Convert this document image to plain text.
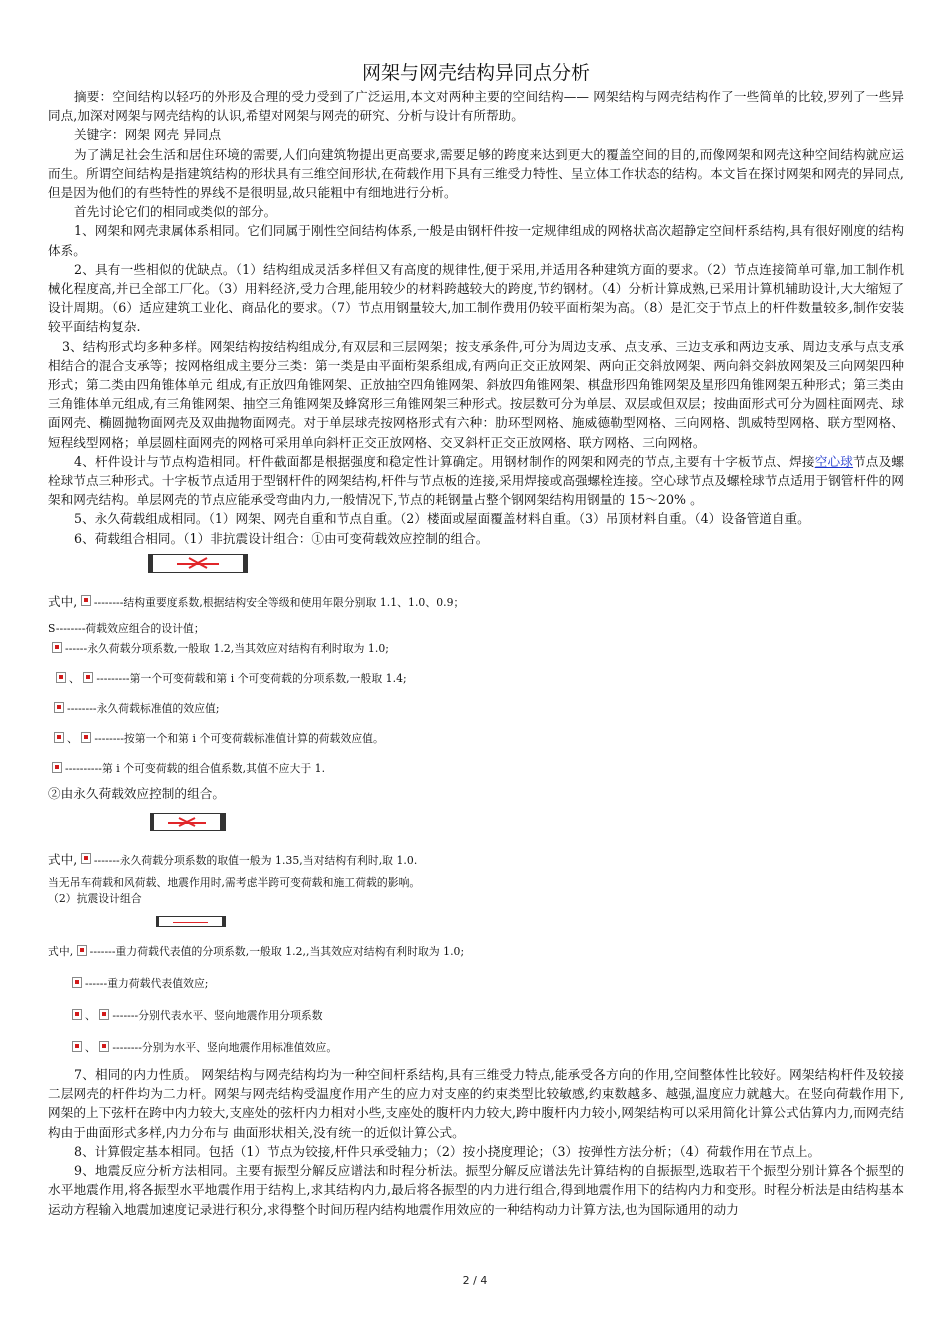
网架与网壳结构异同点分析

摘要：空间结构以轻巧的外形及合理的受力受到了广泛运用,本文对两种主要的空间结构—— 网架结构与网壳结构作了一些简单的比较,罗列了一些异同点,加深对网架与网壳结构的认识,希望对网架与网壳的研究、分析与设计有所帮助。

关键字：网架 网壳 异同点

为了满足社会生活和居住环境的需要,人们向建筑物提出更高要求,需要足够的跨度来达到更大的覆盖空间的目的,而像网架和网壳这种空间结构就应运而生。所谓空间结构是指建筑结构的形状具有三维空间形状,在荷载作用下具有三维受力特性、呈立体工作状态的结构。本文旨在探讨网架和网壳的异同点,但是因为他们的有些特性的界线不是很明显,故只能粗中有细地进行分析。

首先讨论它们的相同或类似的部分。

1、网架和网壳隶属体系相同。它们同属于刚性空间结构体系,一般是由钢杆件按一定规律组成的网格状高次超静定空间杆系结构,具有很好刚度的结构体系。

2、具有一些相似的优缺点。（1）结构组成灵活多样但又有高度的规律性,便于采用,并适用各种建筑方面的要求。（2）节点连接简单可靠,加工制作机械化程度高,并已全部工厂化。（3）用料经济,受力合理,能用较少的材料跨越较大的跨度,节约钢材。（4）分析计算成熟,已采用计算机辅助设计,大大缩短了设计周期。（6）适应建筑工业化、商品化的要求。（7）节点用钢量较大,加工制作费用仍较平面桁架为高。（8）是汇交于节点上的杆件数量较多,制作安装较平面结构复杂.

3、结构形式均多种多样。网架结构按结构组成分,有双层和三层网架；按支承条件,可分为周边支承、点支承、三边支承和两边支承、周边支承与点支承相结合的混合支承等；按网格组成主要分三类：第一类是由平面桁架系组成,有两向正交正放网架、两向正交斜放网架、两向斜交斜放网架及三向网架四种形式；第二类由四角锥体单元 组成,有正放四角锥网架、正放抽空四角锥网架、斜放四角锥网架、棋盘形四角锥网架及星形四角锥网架五种形式；第三类由三角锥体单元组成,有三角锥网架、抽空三角锥网架及蜂窝形三角锥网架三种形式。按层数可分为单层、双层或但双层；按曲面形式可分为圆柱面网壳、球面网壳、椭圆抛物面网壳及双曲抛物面网壳。对于单层球壳按网格形式有六种：肋环型网格、施威德勒型网格、三向网格、凯威特型网格、联方型网格、短程线型网格；单层圆柱面网壳的网格可采用单向斜杆正交正放网格、交叉斜杆正交正放网格、联方网格、三向网格。

4、杆件设计与节点构造相同。杆件截面都是根据强度和稳定性计算确定。用钢材制作的网架和网壳的节点,主要有十字板节点、焊接空心球节点及螺栓球节点三种形式。十字板节点适用于型钢杆件的网架结构,杆件与节点板的连接,采用焊接或高强螺栓连接。空心球节点及螺栓球节点适用于钢管杆件的网架和网壳结构。单层网壳的节点应能承受弯曲内力,一般情况下,节点的耗钢量占整个钢网架结构用钢量的 15～20% 。

5、永久荷载组成相同。（1）网架、网壳自重和节点自重。（2）楼面或屋面覆盖材料自重。（3）吊顶材料自重。（4）设备管道自重。

6、荷载组合相同。（1）非抗震设计组合：①由可变荷载效应控制的组合。

式中, --------结构重要度系数,根据结构安全等级和使用年限分别取 1.1、1.0、0.9；

S--------荷载效应组合的设计值；

------永久荷载分项系数,一般取 1.2,当其效应对结构有利时取为 1.0;

、 ---------第一个可变荷载和第 i 个可变荷载的分项系数,一般取 1.4;

--------永久荷载标准值的效应值;

、 --------按第一个和第 i 个可变荷载标准值计算的荷载效应值。

----------第 i 个可变荷载的组合值系数,其值不应大于 1.

②由永久荷载效应控制的组合。

式中, -------永久荷载分项系数的取值一般为 1.35,当对结构有利时,取 1.0.

当无吊车荷载和风荷载、地震作用时,需考虑半跨可变荷载和施工荷载的影响。

（2）抗震设计组合

式中, -------重力荷载代表值的分项系数,一般取 1.2,,当其效应对结构有利时取为 1.0;

------重力荷载代表值效应;

、 -------分别代表水平、竖向地震作用分项系数

、 --------分别为水平、竖向地震作用标准值效应。

7、相同的内力性质。 网架结构与网壳结构均为一种空间杆系结构,具有三维受力特点,能承受各方向的作用,空间整体性比较好。网架结构杆件及较接二层网壳的杆件均为二力杆。网架与网壳结构受温度作用产生的应力对支座的约束类型比较敏感,约束数越多、越强,温度应力就越大。在竖向荷载作用下,网架的上下弦杆在跨中内力较大,支座处的弦杆内力相对小些,支座处的腹杆内力较大,跨中腹杆内力较小,网架结构可以采用简化计算公式估算内力,而网壳结构由于曲面形式多样,内力分布与 曲面形状相关,没有统一的近似计算公式。

8、计算假定基本相同。包括（1）节点为铰接,杆件只承受轴力；（2）按小挠度理论；（3）按弹性方法分析；（4）荷载作用在节点上。

9、地震反应分析方法相同。主要有振型分解反应谱法和时程分析法。振型分解反应谱法先计算结构的自振振型,选取若干个振型分别计算各个振型的水平地震作用,将各振型水平地震作用于结构上,求其结构内力,最后将各振型的内力进行组合,得到地震作用下的结构内力和变形。时程分析法是由结构基本运动方程输入地震加速度记录进行积分,求得整个时间历程内结构地震作用效应的一种结构动力计算方法,也为国际通用的动力

2 / 4
